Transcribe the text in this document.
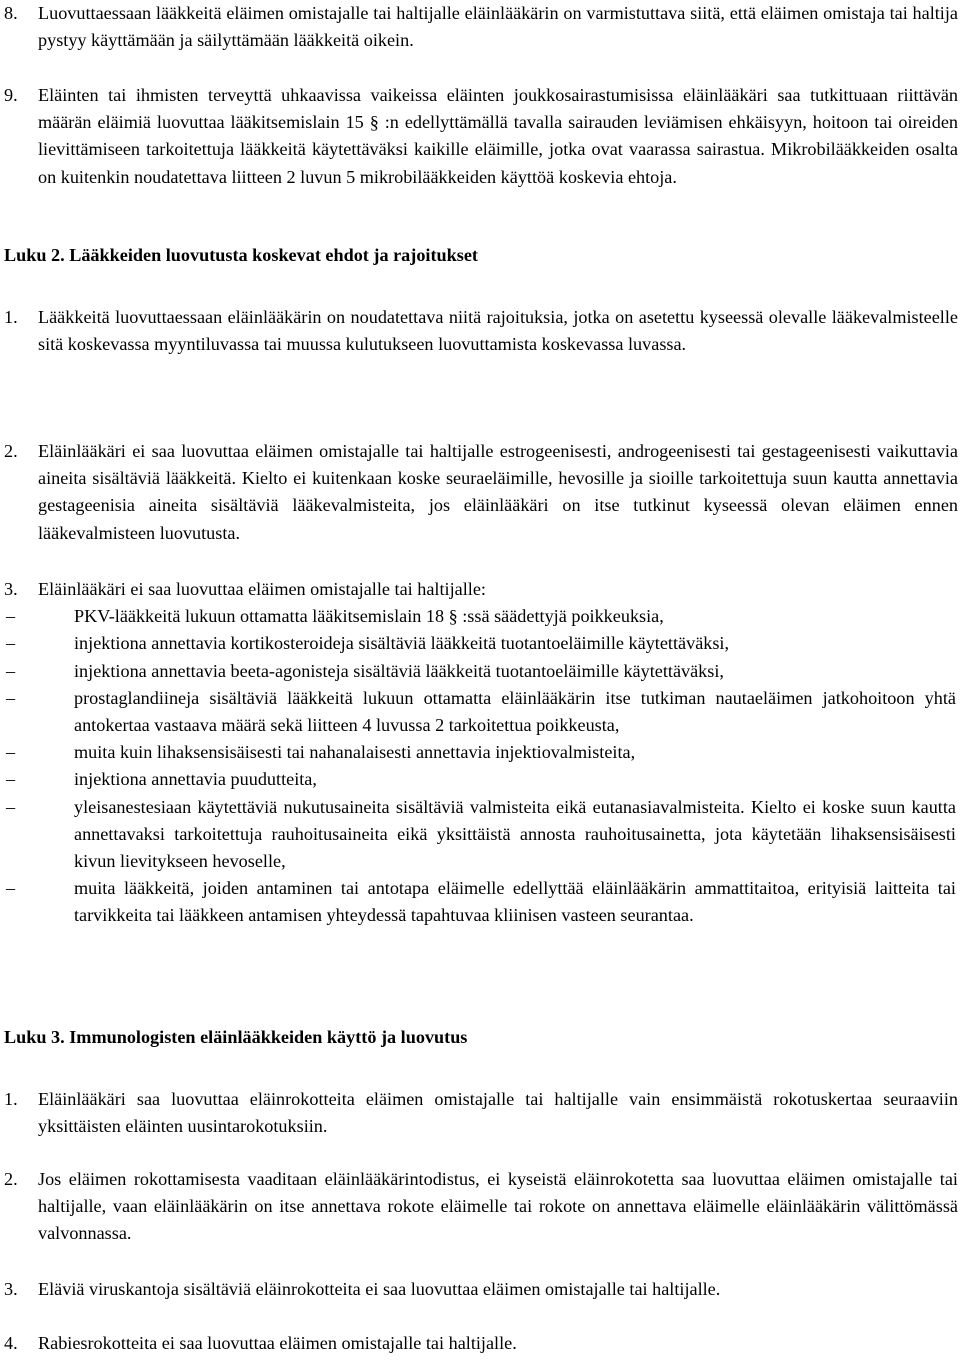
8. Luovuttaessaan lääkkeitä eläimen omistajalle tai haltijalle eläinlääkärin on varmistuttava siitä, että eläimen omistaja tai haltija pystyy käyttämään ja säilyttämään lääkkeitä oikein.
9. Eläinten tai ihmisten terveyttä uhkaavissa vaikeissa eläinten joukkosairastumisissa eläinlääkäri saa tutkittuaan riittävän määrän eläimiä luovuttaa lääkitsemislain 15 § :n edellyttämällä tavalla sairauden leviämisen ehkäisyyn, hoitoon tai oireiden lievittämiseen tarkoitettuja lääkkeitä käytettäväksi kaikille eläimille, jotka ovat vaarassa sairastua. Mikrobilääkkeiden osalta on kuitenkin noudatettava liitteen 2 luvun 5 mikrobilääkkeiden käyttöä koskevia ehtoja.
Luku 2. Lääkkeiden luovutusta koskevat ehdot ja rajoitukset
1. Lääkkeitä luovuttaessaan eläinlääkärin on noudatettava niitä rajoituksia, jotka on asetettu kyseessä olevalle lääkevalmisteelle sitä koskevassa myyntiluvassa tai muussa kulutukseen luovuttamista koskevassa luvassa.
2. Eläinlääkäri ei saa luovuttaa eläimen omistajalle tai haltijalle estrogeenisesti, androgeenisesti tai gestageenisesti vaikuttavia aineita sisältäviä lääkkeitä. Kielto ei kuitenkaan koske seuraeläimille, hevosille ja sioille tarkoitettuja suun kautta annettavia gestageenisia aineita sisältäviä lääkevalmisteita, jos eläinlääkäri on itse tutkinut kyseessä olevan eläimen ennen lääkevalmisteen luovutusta.
3. Eläinlääkäri ei saa luovuttaa eläimen omistajalle tai haltijalle:
–	PKV-lääkkeitä lukuun ottamatta lääkitsemislain 18 § :ssä säädettyjä poikkeuksia,
–	injektiona annettavia kortikosteroideja sisältäviä lääkkeitä tuotantoeläimille käytettäväksi,
–	injektiona annettavia beeta-agonisteja sisältäviä lääkkeitä tuotantoeläimille käytettäväksi,
–	prostaglandiineja sisältäviä lääkkeitä lukuun ottamatta eläinlääkärin itse tutkiman nautaeläimen jatkohoitoon yhtä antokertaa vastaava määrä sekä liitteen 4 luvussa 2 tarkoitettua poikkeusta,
–	muita kuin lihaksensisäisesti tai nahanalaisesti annettavia injektiovalmisteita,
–	injektiona annettavia puudutteita,
–	yleisanestesiaan käytettäviä nukutusaineita sisältäviä valmisteita eikä eutanasiavalmisteita. Kielto ei koske suun kautta annettavaksi tarkoitettuja rauhoitusaineita eikä yksittäistä annosta rauhoitusainetta, jota käytetään lihaksensisäisesti kivun lievitykseen hevoselle,
–	muita lääkkeitä, joiden antaminen tai antotapa eläimelle edellyttää eläinlääkärin ammattitaitoa, erityisiä laitteita tai tarvikkeita tai lääkkeen antamisen yhteydessä tapahtuvaa kliinisen vasteen seurantaa.
Luku 3. Immunologisten eläinlääkkeiden käyttö ja luovutus
1. Eläinlääkäri saa luovuttaa eläinrokotteita eläimen omistajalle tai haltijalle vain ensimmäistä rokotuskertaa seuraaviin yksittäisten eläinten uusintarokotuksiin.
2. Jos eläimen rokottamisesta vaaditaan eläinlääkärintodistus, ei kyseistä eläinrokotetta saa luovuttaa eläimen omistajalle tai haltijalle, vaan eläinlääkärin on itse annettava rokote eläimelle tai rokote on annettava eläimelle eläinlääkärin välittömässä valvonnassa.
3. Eläviä viruskantoja sisältäviä eläinrokotteita ei saa luovuttaa eläimen omistajalle tai haltijalle.
4. Rabiesrokotteita ei saa luovuttaa eläimen omistajalle tai haltijalle.
